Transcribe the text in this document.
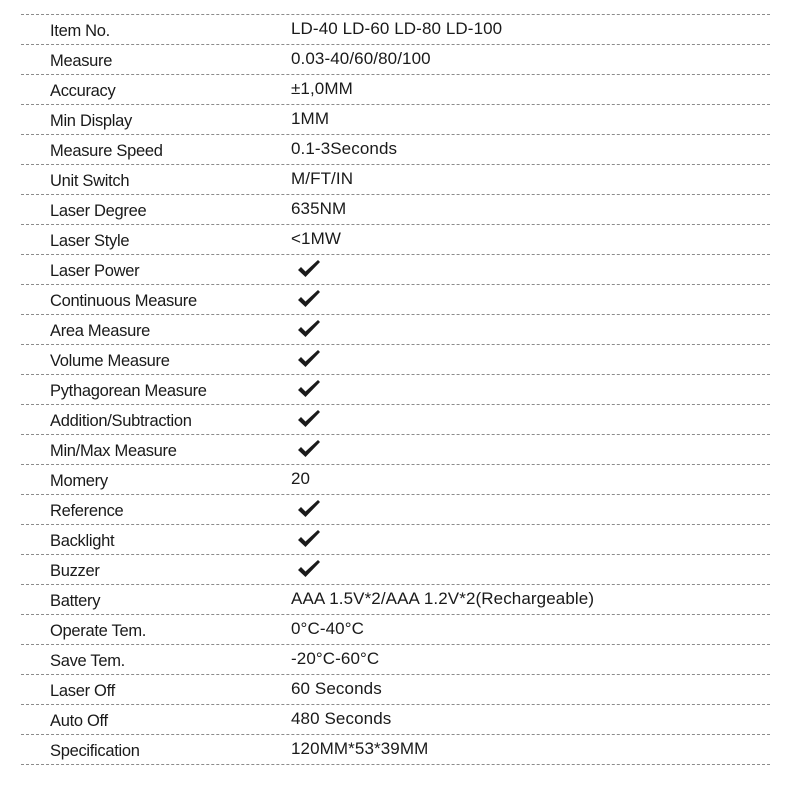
Item No.	LD-40 LD-60 LD-80 LD-100
Measure	0.03-40/60/80/100
Accuracy	±1,0MM
Min Display	1MM
Measure Speed	0.1-3Seconds
Unit Switch	M/FT/IN
Laser Degree	635NM
Laser Style	<1MW
Laser Power
Continuous Measure
Area Measure
Volume Measure
Pythagorean Measure
Addition/Subtraction
Min/Max Measure
Momery	20
Reference
Backlight
Buzzer
Battery	AAA 1.5V*2/AAA 1.2V*2(Rechargeable)
Operate Tem.	0°C-40°C
Save Tem.	-20°C-60°C
Laser Off	60 Seconds
Auto Off	480 Seconds
Specification	120MM*53*39MM
